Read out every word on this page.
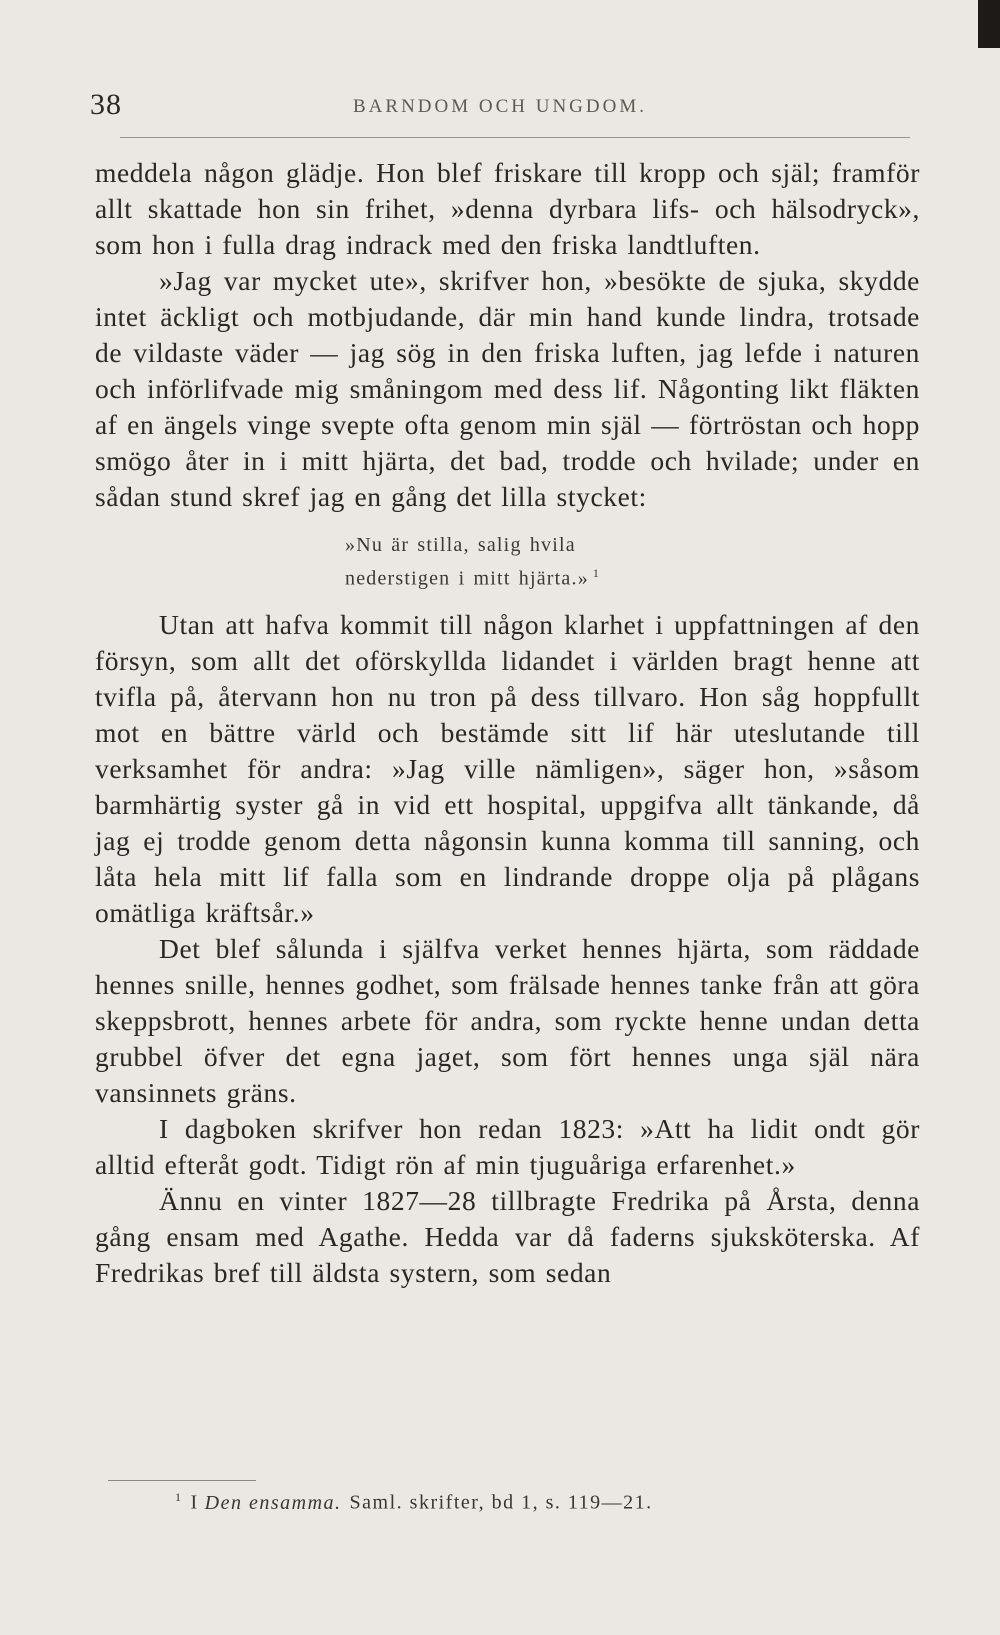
38	BARNDOM OCH UNGDOM.

meddela någon glädje. Hon blef friskare till kropp och själ; framför allt skattade hon sin frihet, »denna dyrbara lifs- och hälsodryck», som hon i fulla drag indrack med den friska landtluften.

»Jag var mycket ute», skrifver hon, »besökte de sjuka, skydde intet äckligt och motbjudande, där min hand kunde lindra, trotsade de vildaste väder — jag sög in den friska luften, jag lefde i naturen och införlifvade mig småningom med dess lif. Någonting likt fläkten af en ängels vinge svepte ofta genom min själ — förtröstan och hopp smögo åter in i mitt hjärta, det bad, trodde och hvilade; under en sådan stund skref jag en gång det lilla stycket:

»Nu är stilla, salig hvila
nederstigen i mitt hjärta.» $^1$

Utan att hafva kommit till någon klarhet i uppfattningen af den försyn, som allt det oförskyllda lidandet i världen bragt henne att tvifla på, återvann hon nu tron på dess tillvaro. Hon såg hoppfullt mot en bättre värld och bestämde sitt lif här uteslutande till verksamhet för andra: »Jag ville nämligen», säger hon, »såsom barmhärtig syster gå in vid ett hospital, uppgifva allt tänkande, då jag ej trodde genom detta någonsin kunna komma till sanning, och låta hela mitt lif falla som en lindrande droppe olja på plågans omätliga kräftsår.»

Det blef sålunda i själfva verket hennes hjärta, som räddade hennes snille, hennes godhet, som frälsade hennes tanke från att göra skeppsbrott, hennes arbete för andra, som ryckte henne undan detta grubbel öfver det egna jaget, som fört hennes unga själ nära vansinnets gräns.

I dagboken skrifver hon redan 1823: »Att ha lidit ondt gör alltid efteråt godt. Tidigt rön af min tjuguåriga erfarenhet.»

Ännu en vinter 1827—28 tillbragte Fredrika på Årsta, denna gång ensam med Agathe. Hedda var då faderns sjuksköterska. Af Fredrikas bref till äldsta systern, som sedan

$^1$ I Den ensamma. Saml. skrifter, bd 1, s. 119—21.
